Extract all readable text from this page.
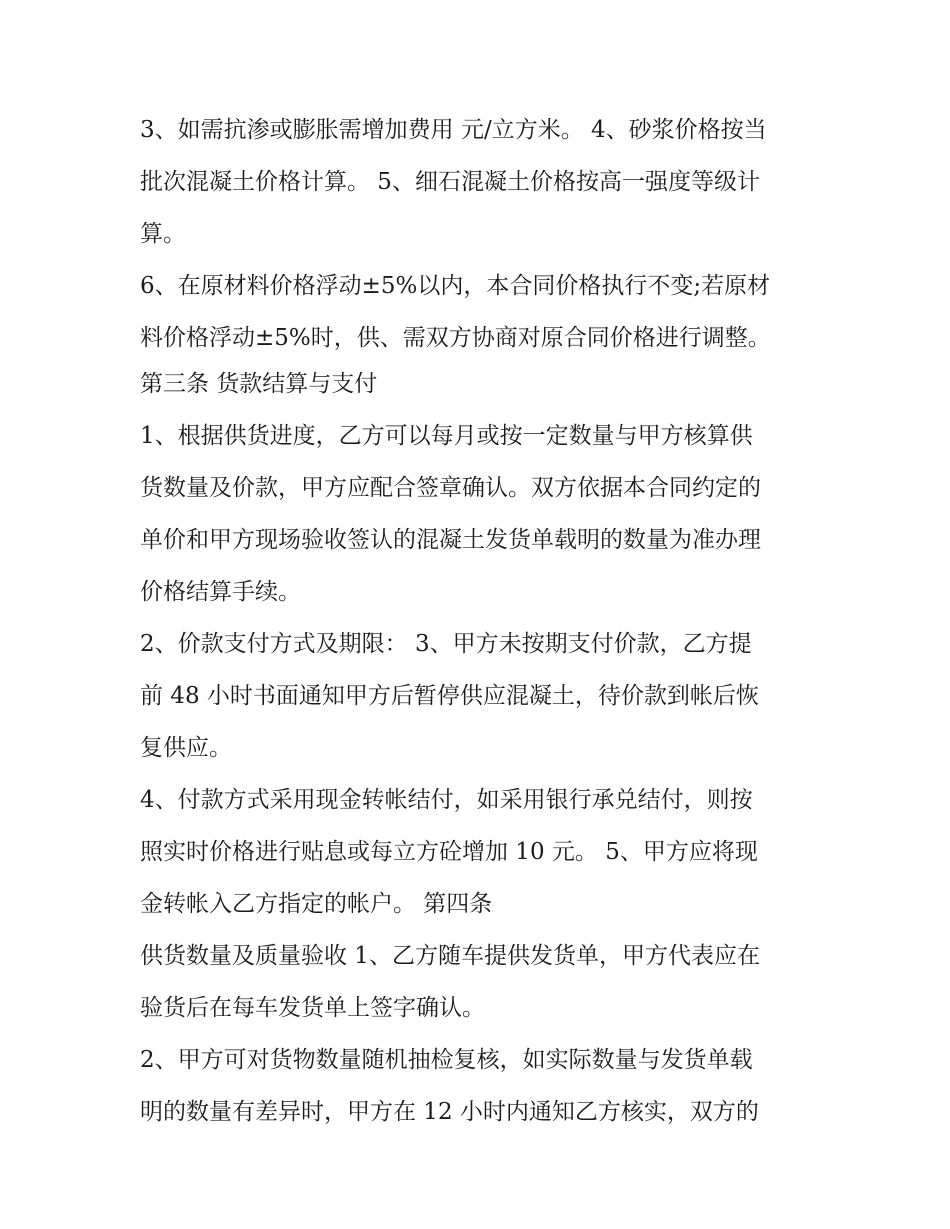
3、如需抗渗或膨胀需增加费用 元/立方米。 4、砂浆价格按当
批次混凝土价格计算。 5、细石混凝土价格按高一强度等级计
算。
6、在原材料价格浮动±5%以内，本合同价格执行不变;若原材
料价格浮动±5%时，供、需双方协商对原合同价格进行调整。
第三条 货款结算与支付
1、根据供货进度，乙方可以每月或按一定数量与甲方核算供
货数量及价款，甲方应配合签章确认。双方依据本合同约定的
单价和甲方现场验收签认的混凝土发货单载明的数量为准办理
价格结算手续。
2、价款支付方式及期限： 3、甲方未按期支付价款，乙方提
前 48 小时书面通知甲方后暂停供应混凝土，待价款到帐后恢
复供应。
4、付款方式采用现金转帐结付，如采用银行承兑结付，则按
照实时价格进行贴息或每立方砼增加 10 元。 5、甲方应将现
金转帐入乙方指定的帐户。 第四条
供货数量及质量验收 1、乙方随车提供发货单，甲方代表应在
验货后在每车发货单上签字确认。
2、甲方可对货物数量随机抽检复核，如实际数量与发货单载
明的数量有差异时，甲方在 12 小时内通知乙方核实，双方的
